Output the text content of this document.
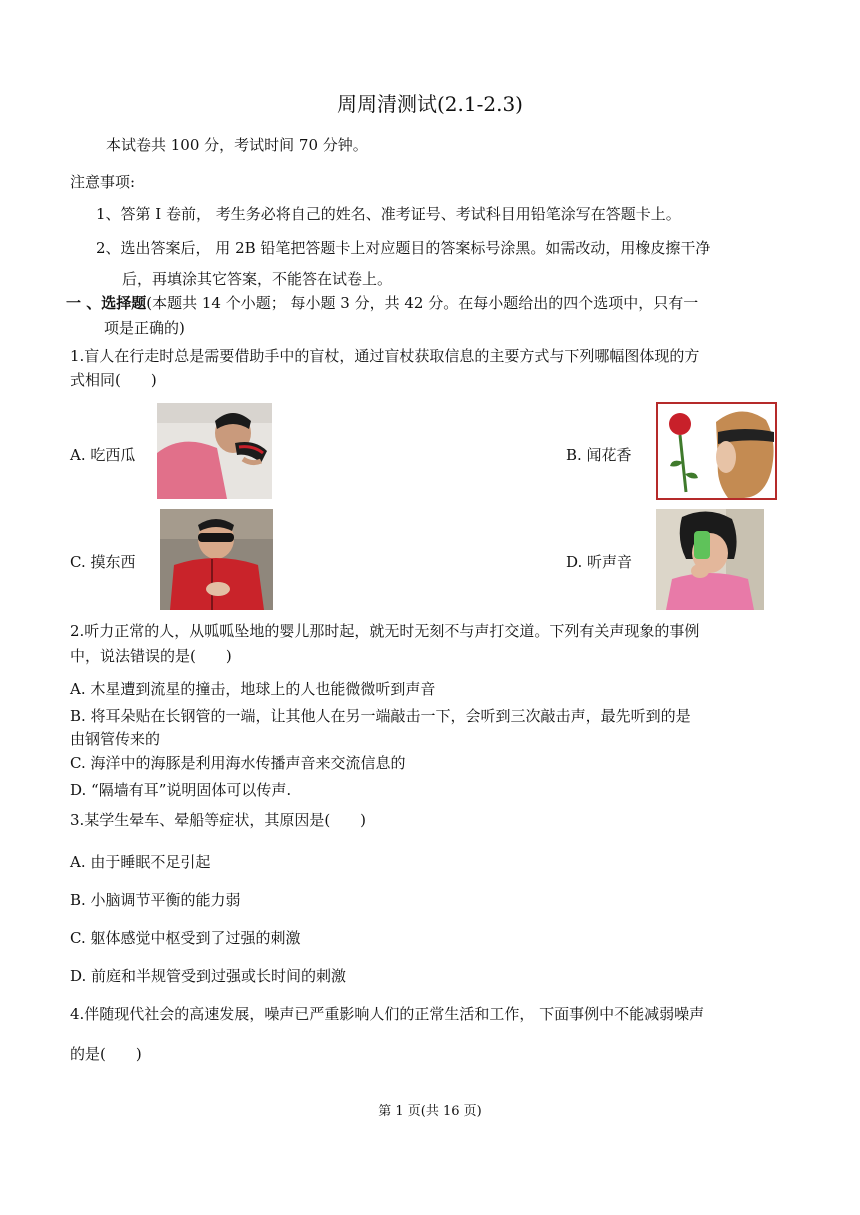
周周清测试(2.1-2.3)
本试卷共 100 分，考试时间 70 分钟。
注意事项:
1、答第 I 卷前， 考生务必将自己的姓名、准考证号、考试科目用铅笔涂写在答题卡上。
2、选出答案后， 用 2B 铅笔把答题卡上对应题目的答案标号涂黑。如需改动，用橡皮擦干净
后，再填涂其它答案，不能答在试卷上。
一 、选择题(本题共 14 个小题； 每小题 3 分，共 42 分。在每小题给出的四个选项中，只有一
项是正确的)
1.盲人在行走时总是需要借助手中的盲杖，通过盲杖获取信息的主要方式与下列哪幅图体现的方
式相同(　　)
A. 吃西瓜	B. 闻花香
C. 摸东西	D. 听声音
2.听力正常的人，从呱呱坠地的婴儿那时起，就无时无刻不与声打交道。下列有关声现象的事例
中，说法错误的是(　　)
A. 木星遭到流星的撞击，地球上的人也能微微听到声音
B. 将耳朵贴在长钢管的一端，让其他人在另一端敲击一下，会听到三次敲击声，最先听到的是
由钢管传来的
C. 海洋中的海豚是利用海水传播声音来交流信息的
D. “隔墙有耳”说明固体可以传声.
3.某学生晕车、晕船等症状，其原因是(　　)
A. 由于睡眠不足引起
B. 小脑调节平衡的能力弱
C. 躯体感觉中枢受到了过强的刺激
D. 前庭和半规管受到过强或长时间的刺激
4.伴随现代社会的高速发展，噪声已严重影响人们的正常生活和工作， 下面事例中不能减弱噪声
的是(　　)
第 1 页(共 16 页)
